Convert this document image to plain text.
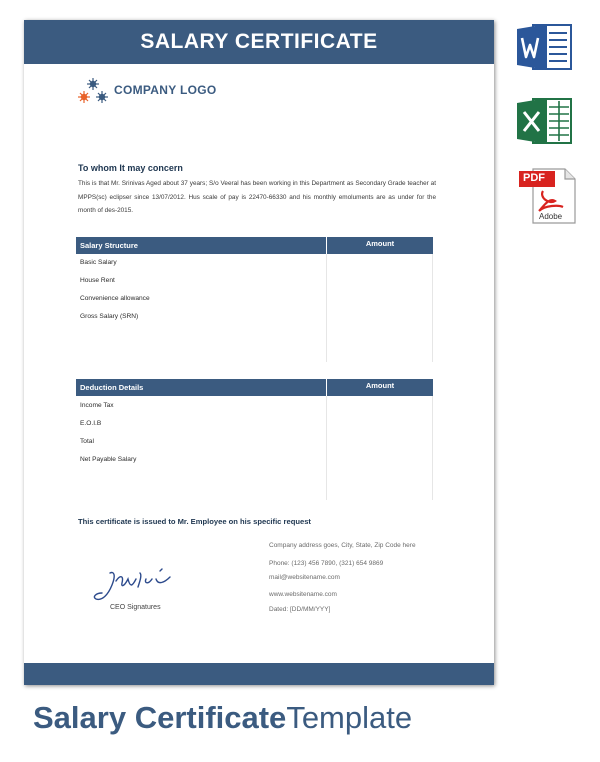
SALARY CERTIFICATE
COMPANY LOGO
To whom It may concern
This is that Mr. Srinivas Aged about 37 years; S/o Veeral has been working in this Department as Secondary Grade teacher at MPPS(sc) eclipser since 13/07/2012. Hus scale of pay is 22470-66330 and his monthly emoluments are as under for the month of des-2015.
Salary Structure	Amount
Basic Salary
House Rent
Convenience allowance
Gross Salary (SRN)
Deduction Details	Amount
Income Tax
E.O.I.B
Total
Net Payable Salary
This certificate is issued to Mr. Employee on his specific request
Company address goes, City, State, Zip Code here
Phone: (123) 456 7890, (321) 654 9869
mail@websitename.com
www.websitename.com
Dated: [DD/MM/YYY]
CEO Signatures
PDF
Adobe
Salary CertificateTemplate
